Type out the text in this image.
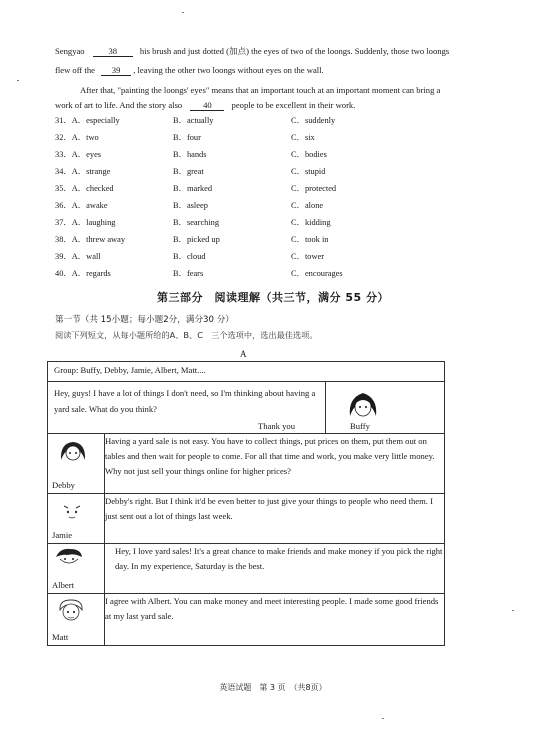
Sengyao	38	his brush and just dotted (加点) the eyes of two of the loongs. Suddenly, those two loongs
flew off the 39 , leaving the other two loongs without eyes on the wall.
After that, "painting the loongs' eyes" means that an important touch at an important moment can bring a
work of art to life. And the story also 40 people to be excellent in their work.
31．A．especially	B．actually	C．suddenly
32．A．two	B．four	C．six
33．A．eyes	B．hands	C．bodies
34．A．strange	B．great	C．stupid
35．A．checked	B．marked	C．protected
36．A．awake	B．asleep	C．alone
37．A．laughing	B．searching	C．kidding
38．A．threw away	B．picked up	C．took in
39．A．wall	B．cloud	C．tower
40．A．regards	B．fears	C．encourages
第三部分　阅读理解（共三节，满分 55 分）
第一节（共 15小题；每小题2分，满分30 分）
阅读下列短文，从每小题所给的A、B、C　三个选项中，选出最佳选项。
A
Group: Buffy, Debby, Jamie, Albert, Matt....	

Hey, guys! I have a lot of things I don't need, so I'm thinking about having a yard sale. What do you think?
Thank you Buffy	

Debby	Having a yard sale is not easy. You have to collect things, put prices on them, put them out on tables and then wait for people to come. For all that time and work, you make very little money. Why not just sell your things online for higher prices?

Jamie	Debby's right. But I think it'd be even better to just give your things to people who need them. I just sent out a lot of things last week.

Albert	Hey, I love yard sales! It's a great chance to make friends and make money if you pick the right day. In my experience, Saturday is the best.

Matt	I agree with Albert. You can make money and meet interesting people. I made some good friends at my last yard sale.
英语试题　第 3 页　（共8页）
